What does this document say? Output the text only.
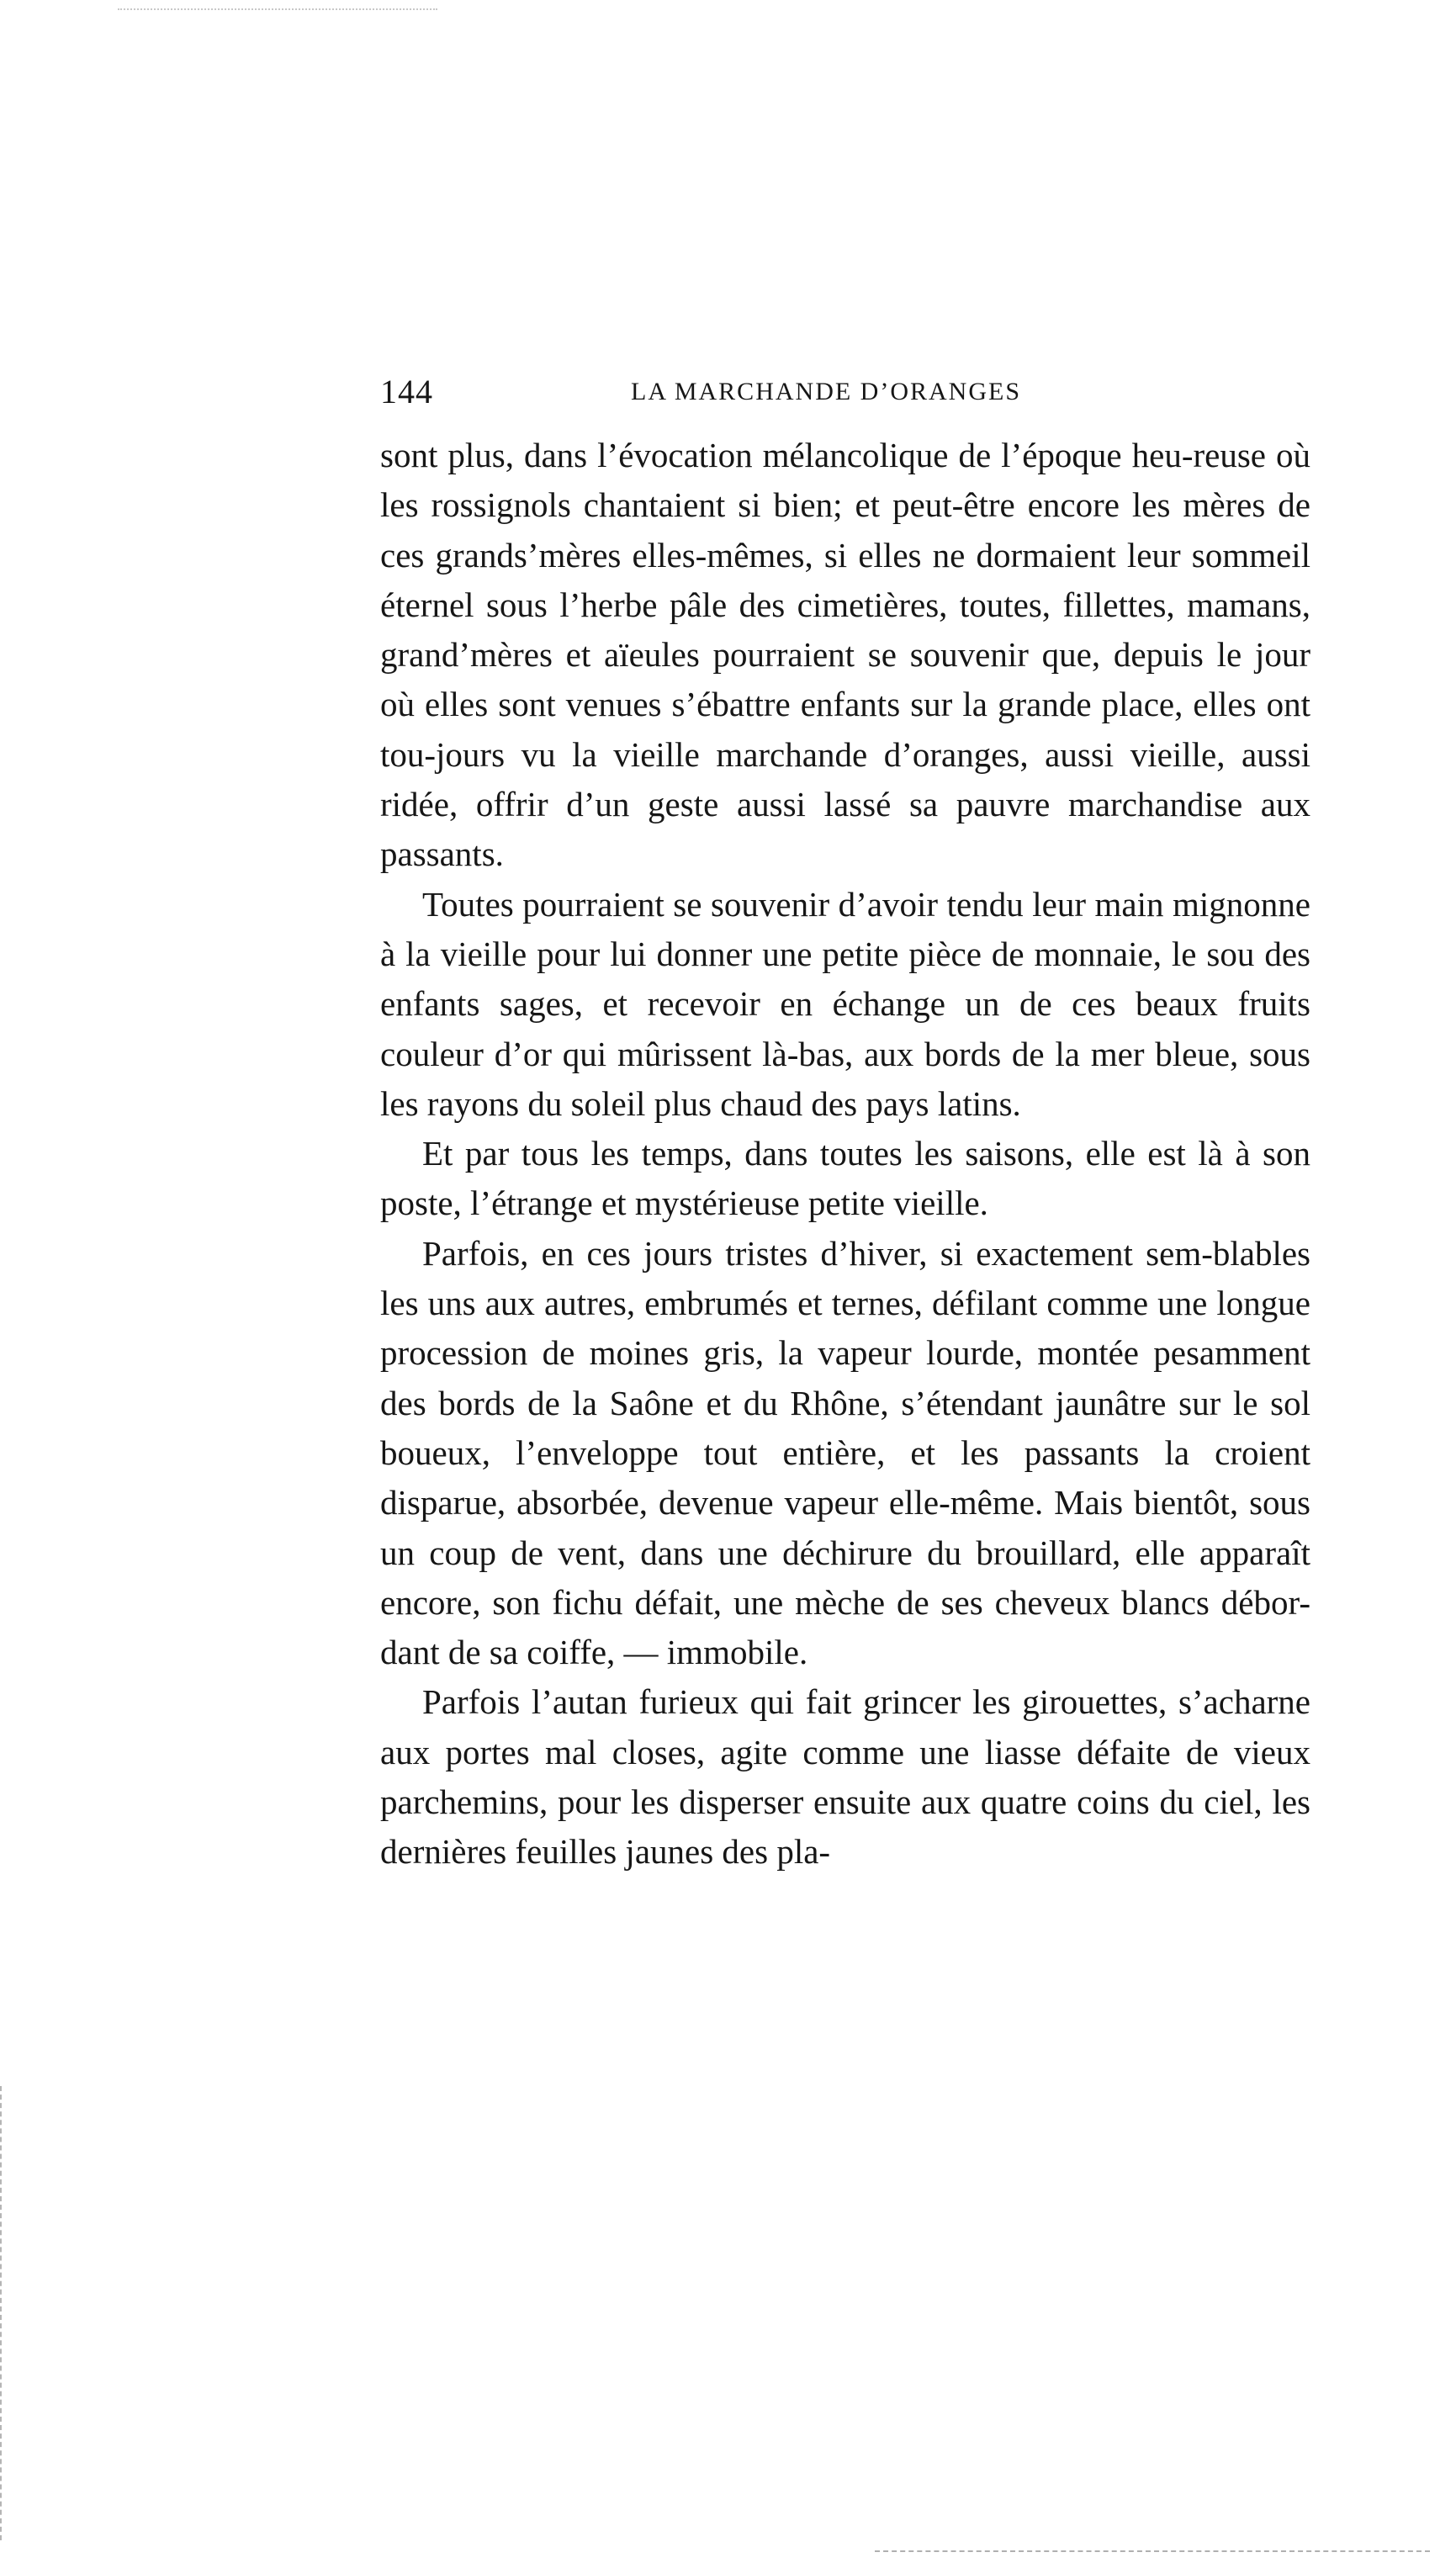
144	LA MARCHANDE D’ORANGES

sont plus, dans l’évocation mélancolique de l’époque heu-reuse où les rossignols chantaient si bien; et peut-être encore les mères de ces grands’mères elles-mêmes, si elles ne dormaient leur sommeil éternel sous l’herbe pâle des cimetières, toutes, fillettes, mamans, grand’mères et aïeules pourraient se souvenir que, depuis le jour où elles sont venues s’ébattre enfants sur la grande place, elles ont tou-jours vu la vieille marchande d’oranges, aussi vieille, aussi ridée, offrir d’un geste aussi lassé sa pauvre marchandise aux passants.

Toutes pourraient se souvenir d’avoir tendu leur main mignonne à la vieille pour lui donner une petite pièce de monnaie, le sou des enfants sages, et recevoir en échange un de ces beaux fruits couleur d’or qui mûrissent là-bas, aux bords de la mer bleue, sous les rayons du soleil plus chaud des pays latins.

Et par tous les temps, dans toutes les saisons, elle est là à son poste, l’étrange et mystérieuse petite vieille.

Parfois, en ces jours tristes d’hiver, si exactement sem-blables les uns aux autres, embrumés et ternes, défilant comme une longue procession de moines gris, la vapeur lourde, montée pesamment des bords de la Saône et du Rhône, s’étendant jaunâtre sur le sol boueux, l’enveloppe tout entière, et les passants la croient disparue, absorbée, devenue vapeur elle-même. Mais bientôt, sous un coup de vent, dans une déchirure du brouillard, elle apparaît encore, son fichu défait, une mèche de ses cheveux blancs débor-dant de sa coiffe, — immobile.

Parfois l’autan furieux qui fait grincer les girouettes, s’acharne aux portes mal closes, agite comme une liasse défaite de vieux parchemins, pour les disperser ensuite aux quatre coins du ciel, les dernières feuilles jaunes des pla-
